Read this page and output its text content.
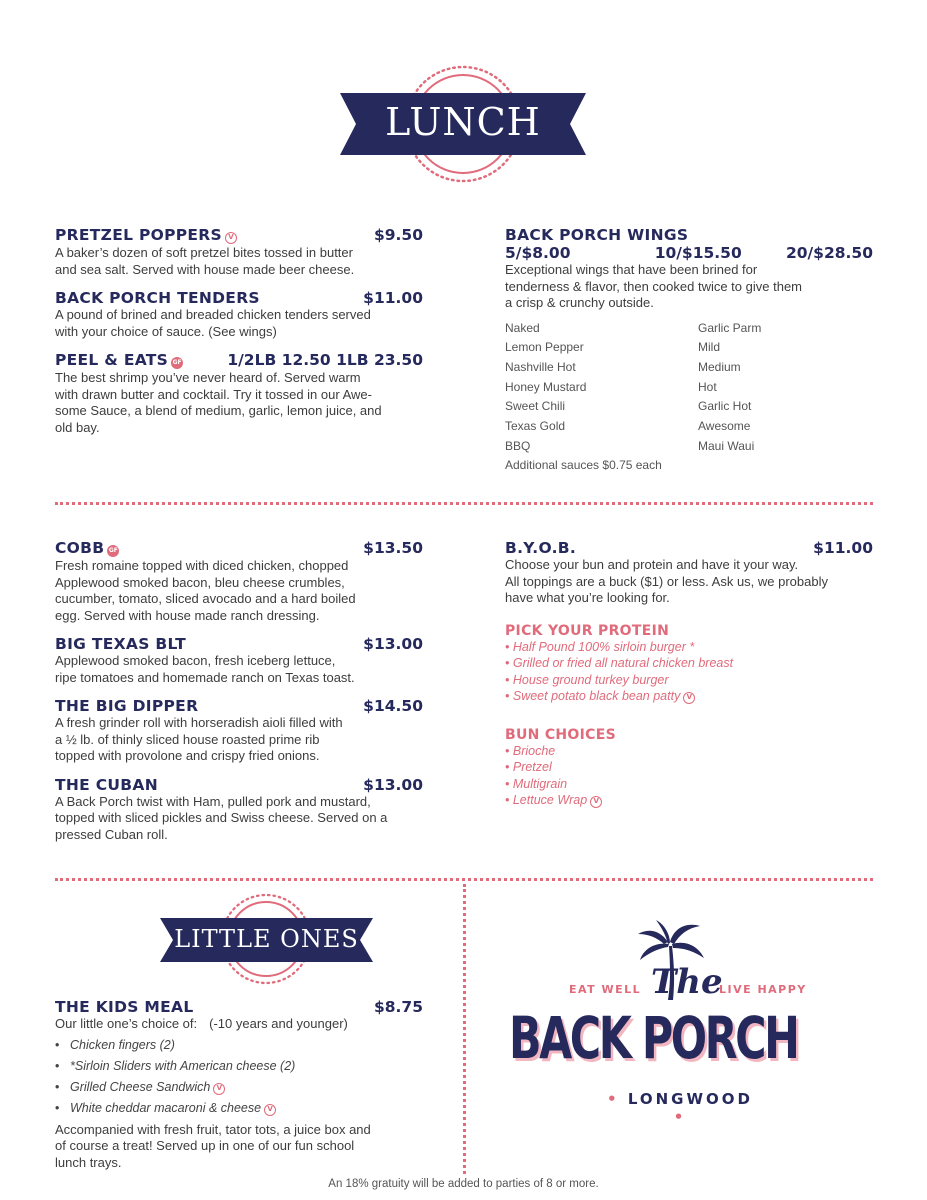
LUNCH
PRETZEL POPPERS V	$9.50
A baker’s dozen of soft pretzel bites tossed in butter
and sea salt. Served with house made beer cheese.
BACK PORCH TENDERS	$11.00
A pound of brined and breaded chicken tenders served
with your choice of sauce. (See wings)
PEEL & EATS GF	1/2LB 12.50 1LB 23.50
The best shrimp you’ve never heard of. Served warm
with drawn butter and cocktail. Try it tossed in our Awe-
some Sauce, a blend of medium, garlic, lemon juice, and
old bay.
BACK PORCH WINGS
5/$8.00	10/$15.50	20/$28.50
Exceptional wings that have been brined for
tenderness & flavor, then cooked twice to give them
a crisp & crunchy outside.
Naked
Lemon Pepper
Nashville Hot
Honey Mustard
Sweet Chili
Texas Gold
BBQ
Garlic Parm
Mild
Medium
Hot
Garlic Hot
Awesome
Maui Waui
Additional sauces $0.75 each
COBB GF	$13.50
Fresh romaine topped with diced chicken, chopped
Applewood smoked bacon, bleu cheese crumbles,
cucumber, tomato, sliced avocado and a hard boiled
egg. Served with house made ranch dressing.
BIG TEXAS BLT	$13.00
Applewood smoked bacon, fresh iceberg lettuce,
ripe tomatoes and homemade ranch on Texas toast.
THE BIG DIPPER	$14.50
A fresh grinder roll with horseradish aioli filled with
a ½ lb. of thinly sliced house roasted prime rib
topped with provolone and crispy fried onions.
THE CUBAN	$13.00
A Back Porch twist with Ham, pulled pork and mustard,
topped with sliced pickles and Swiss cheese. Served on a
pressed Cuban roll.
B.Y.O.B.	$11.00
Choose your bun and protein and have it your way.
All toppings are a buck ($1) or less. Ask us, we probably
have what you’re looking for.
PICK YOUR PROTEIN
• Half Pound 100% sirloin burger *
• Grilled or fried all natural chicken breast
• House ground turkey burger
• Sweet potato black bean patty V
BUN CHOICES
• Brioche
• Pretzel
• Multigrain
• Lettuce Wrap V
LITTLE ONES
THE KIDS MEAL	$8.75
Our little one’s choice of: (-10 years and younger)
• Chicken fingers (2)
• *Sirloin Sliders with American cheese (2)
• Grilled Cheese Sandwich V
• White cheddar macaroni & cheese V
Accompanied with fresh fruit, tator tots, a juice box and
of course a treat! Served up in one of our fun school
lunch trays.
EAT WELL The
LIVE HAPPY
BACK PORCH
• LONGWOOD •
An 18% gratuity will be added to parties of 8 or more.
